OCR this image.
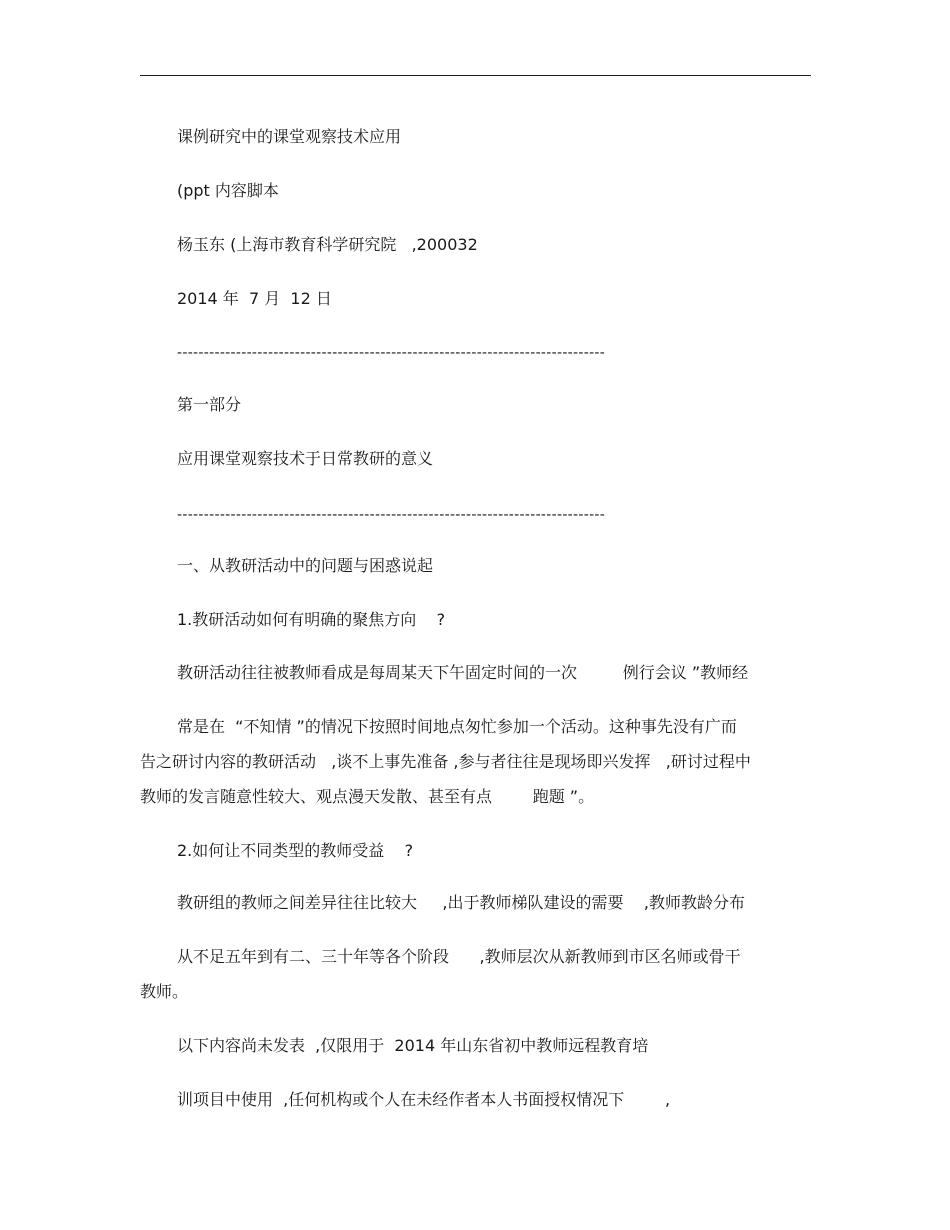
课例研究中的课堂观察技术应用
(ppt 内容脚本
杨玉东 (上海市教育科学研究院   ,200032
2014 年  7 月  12 日
--------------------------------------------------------------------------------
第一部分
应用课堂观察技术于日常教研的意义
--------------------------------------------------------------------------------
一、从教研活动中的问题与困惑说起
1.教研活动如何有明确的聚焦方向    ?
教研活动往往被教师看成是每周某天下午固定时间的一次         例行会议 ”教师经
常是在  “不知情 ”的情况下按照时间地点匆忙参加一个活动。这种事先没有广而
告之研讨内容的教研活动   ,谈不上事先准备 ,参与者往往是现场即兴发挥   ,研讨过程中
教师的发言随意性较大、观点漫天发散、甚至有点        跑题 ”。
2.如何让不同类型的教师受益    ?
教研组的教师之间差异往往比较大     ,出于教师梯队建设的需要    ,教师教龄分布
从不足五年到有二、三十年等各个阶段      ,教师层次从新教师到市区名师或骨干
教师。
以下内容尚未发表  ,仅限用于  2014 年山东省初中教师远程教育培
训项目中使用  ,任何机构或个人在未经作者本人书面授权情况下        ,
